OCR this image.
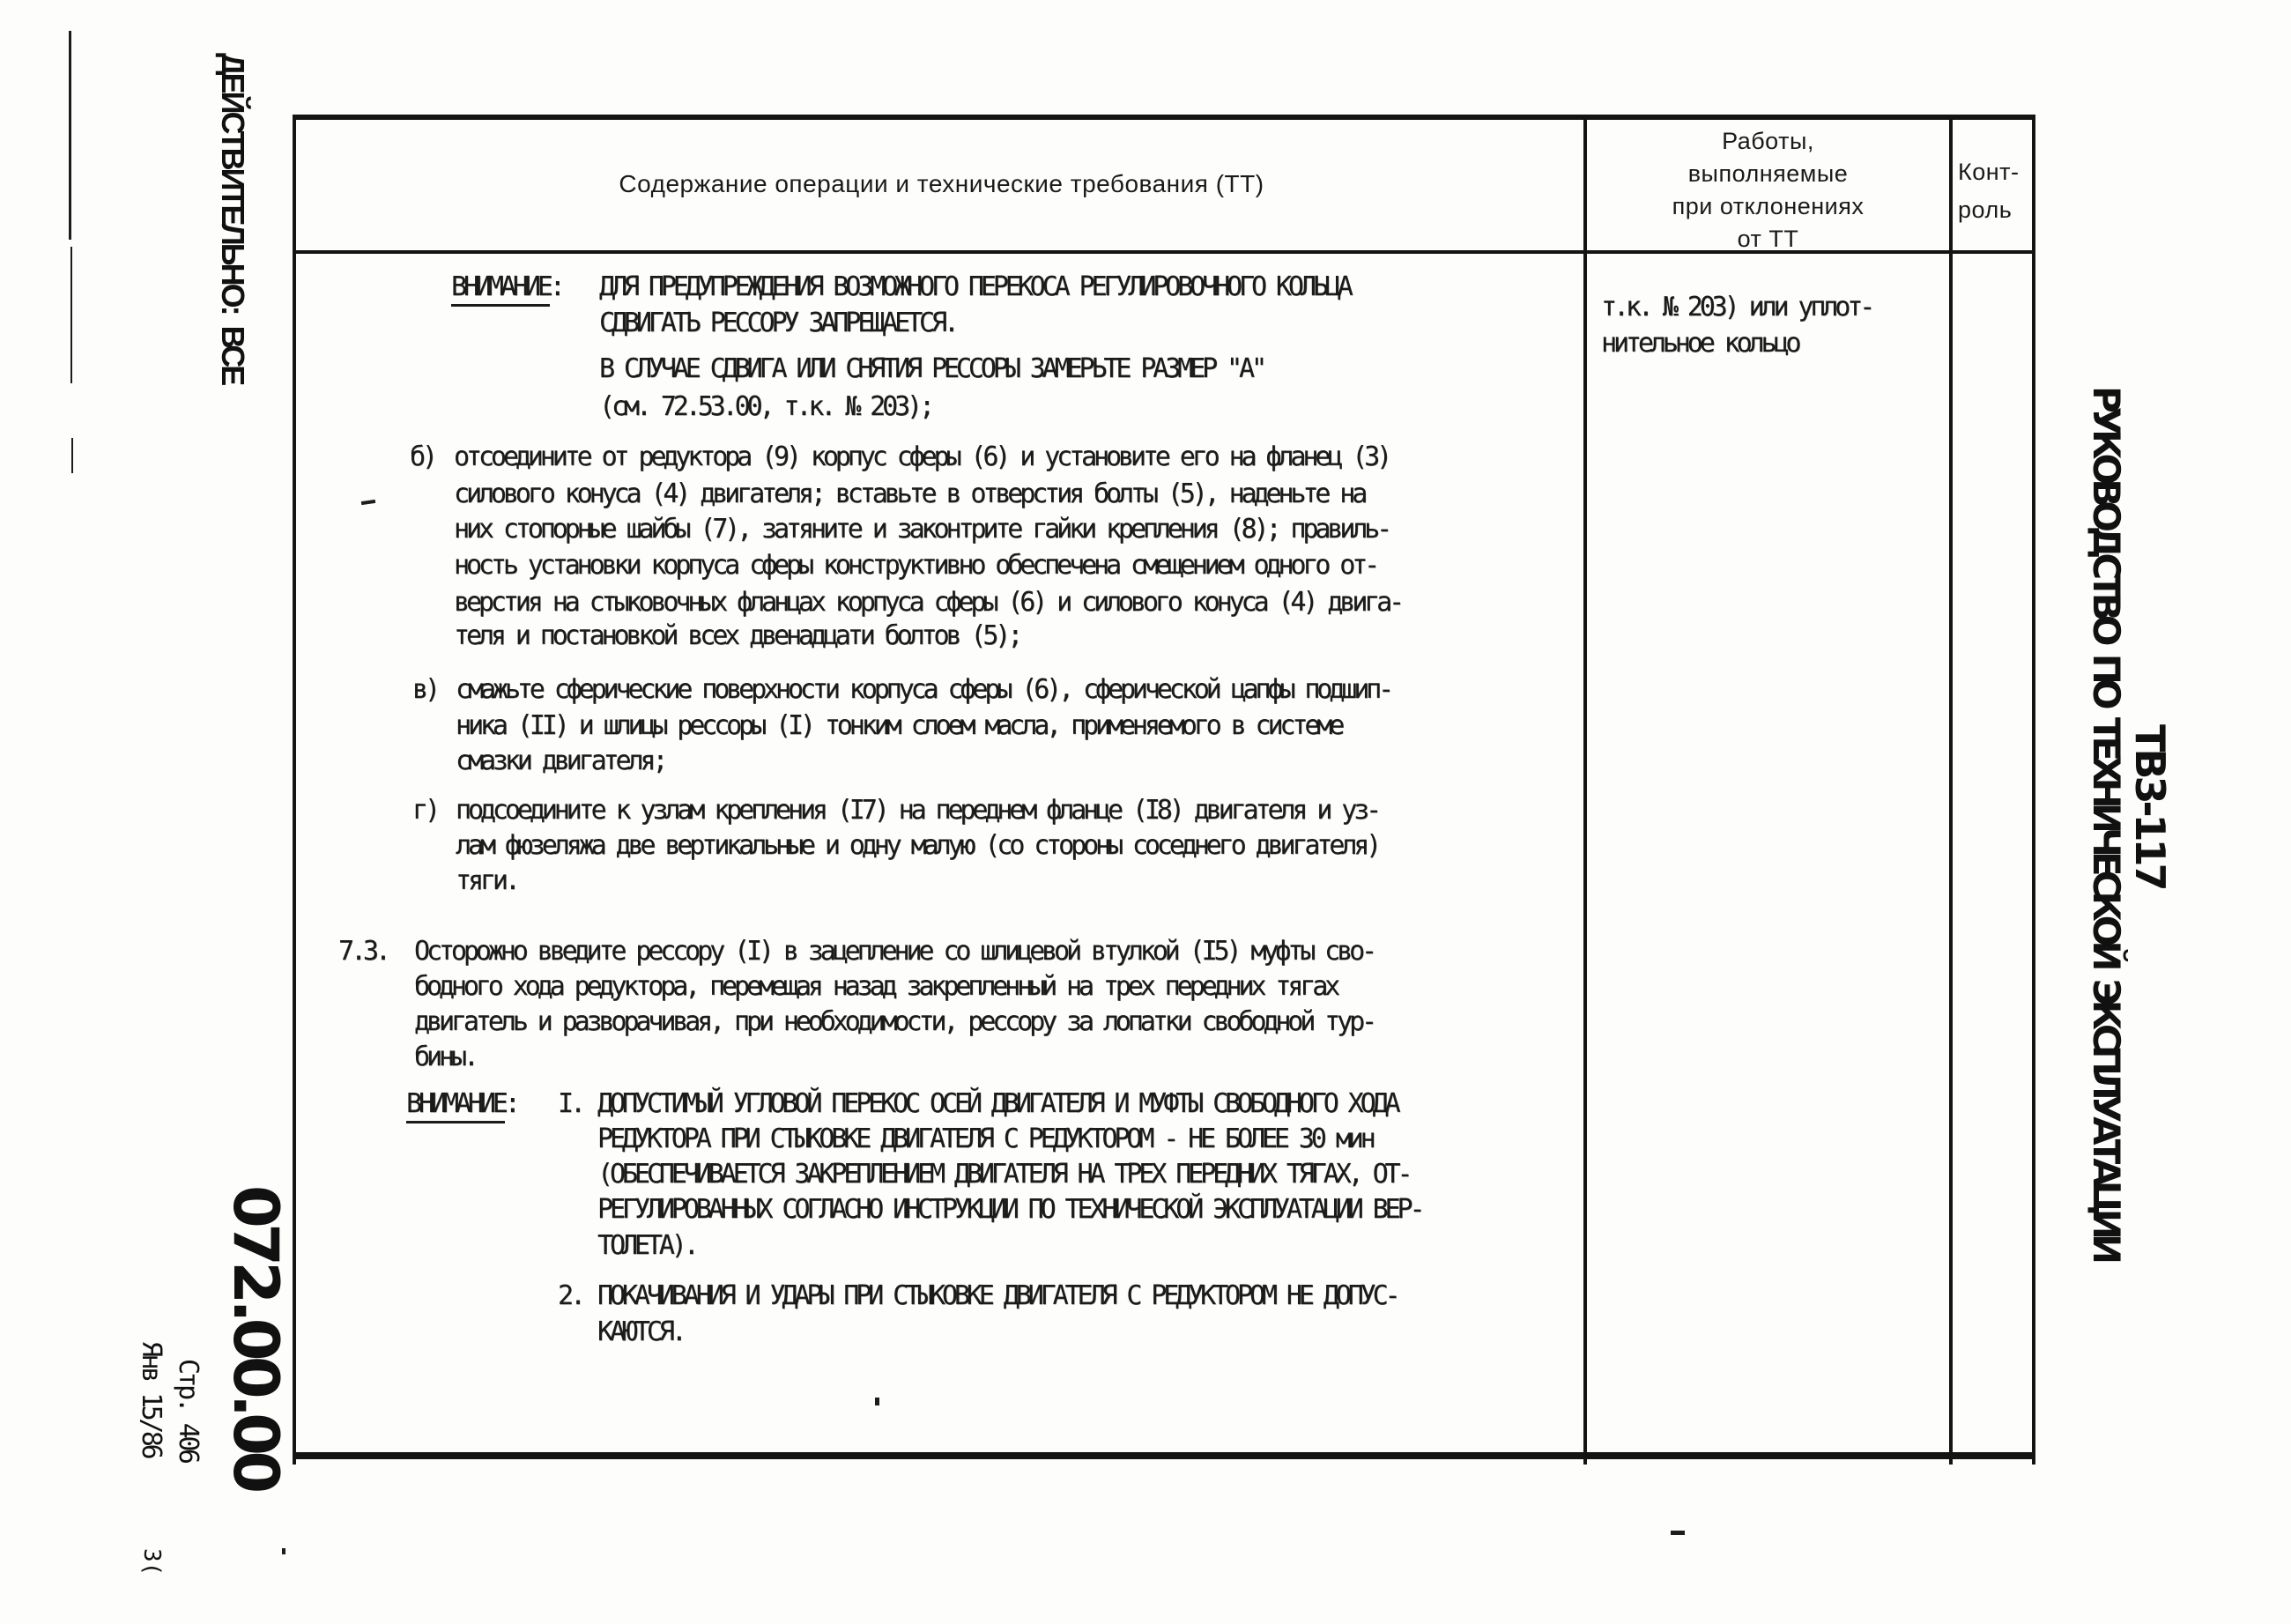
ДЕЙСТВИТЕЛЬНО:  ВСЕ
072.00.00
Стр. 406
Янв 15/86
3(
РУКОВОДСТВО  ПО  ТЕХНИЧЕСКОЙ  ЭКСПЛУАТАЦИИ
ТВ3-117
Содержание операции и технические требования (ТТ)
Работы,
выполняемые
при отклонениях
от ТТ
Конт-
роль
ВНИМАНИЕ: ДЛЯ ПРЕДУПРЕЖДЕНИЯ ВОЗМОЖНОГО ПЕРЕКОСА РЕГУЛИРОВОЧНОГО КОЛЬЦА
СДВИГАТЬ РЕССОРУ ЗАПРЕЩАЕТСЯ.
В СЛУЧАЕ СДВИГА ИЛИ СНЯТИЯ РЕССОРЫ ЗАМЕРЬТЕ РАЗМЕР "А"
(см. 72.53.00, т.к. № 203);
б) отсоедините от редуктора (9) корпус сферы (6) и установите его на фланец (3)
силового конуса (4) двигателя; вставьте в отверстия болты (5), наденьте на
них стопорные шайбы (7), затяните и законтрите гайки крепления (8); правиль-
ность установки корпуса сферы конструктивно обеспечена смещением одного от-
верстия на стыковочных фланцах корпуса сферы (6) и силового конуса (4) двига-
теля и постановкой всех двенадцати болтов (5);
в) смажьте сферические поверхности корпуса сферы (6), сферической цапфы подшип-
ника (II) и шлицы рессоры (I) тонким слоем масла, применяемого в системе
смазки двигателя;
г) подсоедините к узлам крепления (I7) на переднем фланце (I8) двигателя и уз-
лам фюзеляжа две вертикальные и одну малую (со стороны соседнего двигателя)
тяги.
7.3. Осторожно введите рессору (I) в зацепление со шлицевой втулкой (I5) муфты сво-
бодного хода редуктора, перемещая назад закрепленный на трех передних тягах
двигатель и разворачивая, при необходимости, рессору за лопатки свободной тур-
бины.
ВНИМАНИЕ: I. ДОПУСТИМЫЙ УГЛОВОЙ ПЕРЕКОС ОСЕЙ ДВИГАТЕЛЯ И МУФТЫ СВОБОДНОГО ХОДА
РЕДУКТОРА ПРИ СТЫКОВКЕ ДВИГАТЕЛЯ С РЕДУКТОРОМ - НЕ БОЛЕЕ 30 мин
(ОБЕСПЕЧИВАЕТСЯ ЗАКРЕПЛЕНИЕМ ДВИГАТЕЛЯ НА ТРЕХ ПЕРЕДНИХ ТЯГАХ, ОТ-
РЕГУЛИРОВАННЫХ СОГЛАСНО ИНСТРУКЦИИ ПО ТЕХНИЧЕСКОЙ ЭКСПЛУАТАЦИИ ВЕР-
ТОЛЕТА).
2. ПОКАЧИВАНИЯ И УДАРЫ ПРИ СТЫКОВКЕ ДВИГАТЕЛЯ С РЕДУКТОРОМ НЕ ДОПУС-
КАЮТСЯ.
т.к. № 203) или уплот-
нительное кольцо
